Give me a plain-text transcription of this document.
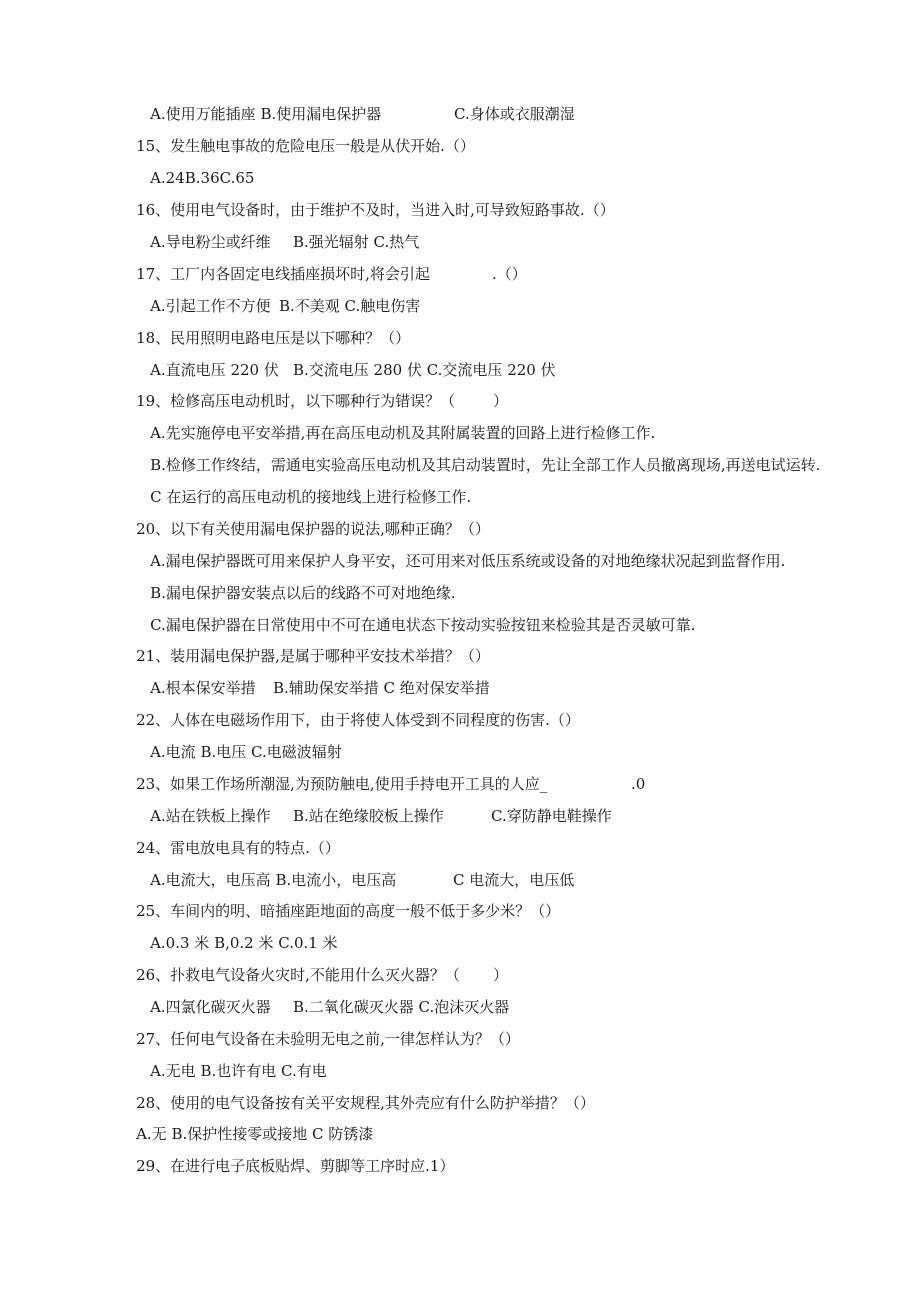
A.使用万能插座 B.使用漏电保护器	C.身体或衣服潮湿

15、发生触电事故的危险电压一般是从伏开始.（）

A.24B.36C.65

16、使用电气设备时，由于维护不及时，当进入时,可导致短路事故.（）

A.导电粉尘或纤维 B.强光辐射 C.热气

17、工厂内各固定电线插座损坏时,将会引起	.（）

A.引起工作不方便 B.不美观 C.触电伤害

18、民用照明电路电压是以下哪种？（）

A.直流电压 220 伏 B.交流电压 280 伏 C.交流电压 220 伏

19、检修高压电动机时，以下哪种行为错误？（	）

A.先实施停电平安举措,再在高压电动机及其附属装置的回路上进行检修工作.

B.检修工作终结，需通电实验高压电动机及其启动装置时，先让全部工作人员撤离现场,再送电试运转.

C 在运行的高压电动机的接地线上进行检修工作.

20、以下有关使用漏电保护器的说法,哪种正确？（）

A.漏电保护器既可用来保护人身平安，还可用来对低压系统或设备的对地绝缘状况起到监督作用.

B.漏电保护器安装点以后的线路不可对地绝缘.

C.漏电保护器在日常使用中不可在通电状态下按动实验按钮来检验其是否灵敏可靠.

21、装用漏电保护器,是属于哪种平安技术举措？（）

A.根本保安举措 B.辅助保安举措 C 绝对保安举措

22、人体在电磁场作用下，由于将使人体受到不同程度的伤害.（）

A.电流 B.电压 C.电磁波辐射

23、如果工作场所潮湿,为预防触电,使用手持电开工具的人应_	.0

A.站在铁板上操作 B.站在绝缘胶板上操作	C.穿防静电鞋操作

24、雷电放电具有的特点.（）

A.电流大，电压高 B.电流小，电压高	C 电流大，电压低

25、车间内的明、暗插座距地面的高度一般不低于多少米？（）

A.0.3 米 B,0.2 米 C.0.1 米

26、扑救电气设备火灾时,不能用什么灭火器？（ ）

A.四氯化碳灭火器 B.二氧化碳灭火器 C.泡沫灭火器

27、任何电气设备在未验明无电之前,一律怎样认为？（）

A.无电 B.也许有电 C.有电

28、使用的电气设备按有关平安规程,其外壳应有什么防护举措？（）

A.无 B.保护性接零或接地 C 防锈漆

29、在进行电子底板贴焊、剪脚等工序时应.1）
